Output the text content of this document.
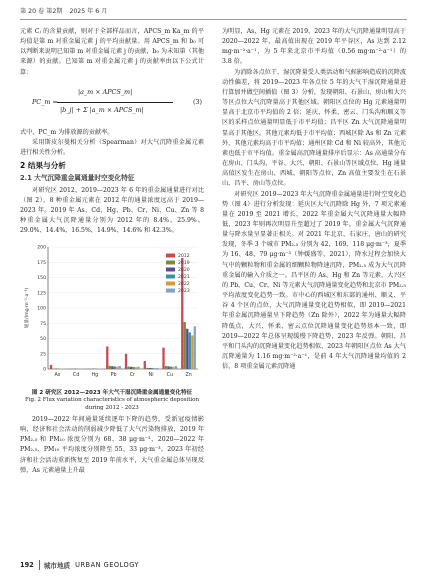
第 20 卷 第2期 2025 年 6 月

元素 Cⱼ 的含量贡献，则对于全部样品而言，APCS_m Ka_m 的平均值是第 m 对重金属元素 j 的平均贡献量。用 APCS_m 和 b₀ 可以判断来说明已知第 m 对重金属元素 j 的贡献，b₀ 为未知第（其他来源）的贡献。已知第 m 对重金属元素 j 的贡献率由以下公式计算：

PC_m =
|a_m × APCS_m|
|b_j| + Σ |a_m × APCS_m|
(3)

式中，PC_m 为排放源的贡献率。

采用斯皮尔曼相关分析（Spearman）对大气沉降重金属元素进行相关性分析。

2 结果与分析
2.1 大气沉降重金属通量时空变化特征

对研究区 2012、2019—2023 年 6 年的重金属通量进行对比（图 2），8 种重金属元素在 2012 年的通量浓度远高于 2019—2023 年。2019 年 As、Cd、Hg、Pb、Cr、Ni、Cu、Zn 等 8 种重金属大气沉降通量分别为 2012 年的 8.4%、25.9%、29.0%、14.4%、16.5%、14.9%、14.6% 和 42.3%。

0
25
50
75
100
125
150
175
200
通量/(mg·m⁻²·a⁻¹)
As	Cd	Hg	Pb	Cr	Ni	Cu	Zn
2012
2019
2020
2021
2022
2023
图 2 研究区 2012—2023 年大气干湿沉降重金属通量变化特征
Fig. 2 Flux variation characteristics of atmospheric deposition
during 2012 - 2023

2019—2022 年间通量延续逐年下降的趋势，受新冠疫情影响，经济和社会活动的削弱减少降低了大气污染物排放，2019 年 PM₂.₅ 和 PM₁₀ 浓度分别为 68、38 μg·m⁻³，2020—2022 年 PM₂.₅、PM₁₀ 平均浓度分别降至 55、33 μg·m⁻³。2023 年初经济和社会活动重新恢复至 2019 年前水平，大气重金属总体呈现反弹，As 元素通量上升最

为明显，As、Hg 元素在 2019、2023 年的大气沉降通量明显高于 2020—2022 年，最高值出现在 2019 年平谷区，As 达到 2.12 mg·m⁻²·a⁻¹，为 5 年来北京市平均值（0.56 mg·m⁻²·a⁻¹）的 3.8 倍。

为消除各点位干、湿沉降量受人类活动和气候影响造成的沉降波动性偏差，将 2019—2023 年各点位 5 年的大气干湿沉降通量进行算加并做空间插值（图 3）分析，发现朝阳、石景山、房山和大兴等区点位大气沉降量高于其他区域。朝阳区点位的 Hg 元素通量明显高于北京市平均值的 2 倍；延庆、怀柔、密云、门头沟和顺义等区的采样点位通量明显低于市平均值；昌平区 Zn 大气沉降通量明显高于其他区，其他元素均低于市平均值；西城区除 As 和 Zn 元素外，其他元素均高于市平均值；通州区除 Cd 和 Ni 较高外，其他元素也低于市平均值。重金属高沉降通量排序后显示：As 高通量分布在房山、门头沟、平谷、大兴、朝阳、石景山等区域点位，Hg 通量高值区发生在房山、西城、朝阳等点位，Zn 高值主要发生在石景山、昌平、房山等点位。

对研究区 2019—2023 年大气沉降重金属通量进行时空变化趋势（图 4）进行分析发现：延庆区大气沉降除 Hg 外，7 项元素通量在 2019 至 2021 增长，2022 年重金属大气沉降通量大幅降低，2023 年则再次明显升至超过了 2019 年，重金属大气沉降通量与降水量呈显著正相关。对 2021 年北京、石家庄、唐山的研究发现，冬季 3 个城市 PM₂.₅ 分别为 42、169、118 μg·m⁻³，夏季为 16、48、79 μg·m⁻³（钟媛盛等，2021），降水过程会加快大气中的颗粒物和重金属的细颗粒物降速沉降，PM₂.₅ 成为大气沉降重金属的输入介质之一。昌平区的 As、Hg 和 Zn 等元素、大兴区的 Pb、Cu、Cr、Ni 等元素大气沉降通量变化趋势和北京市 PM₂.₅ 平均浓度变化趋势一致。市中心的西城区和东部的通州、顺义、平谷 4 个区的点位，大气沉降通量变化趋势相似，即 2019—2021 年重金属沉降通量呈下降趋势（Zn 除外），2022 年为通量大幅降降低点，大兴、怀柔、密云点位沉降通量变化趋势基本一致，即 2019—2022 年总体呈现缓慢下降趋势，2023 年反弹。朝阳、昌平和门头沟的沉降通量变化趋势相似，2023 年朝阳区点位 As 大气沉降通量为 1.16 mg·m⁻²·a⁻¹，是前 4 年大气沉降通量均值的 2 倍，8 项重金属元素沉降通

192	城市地质 URBAN GEOLOGY
